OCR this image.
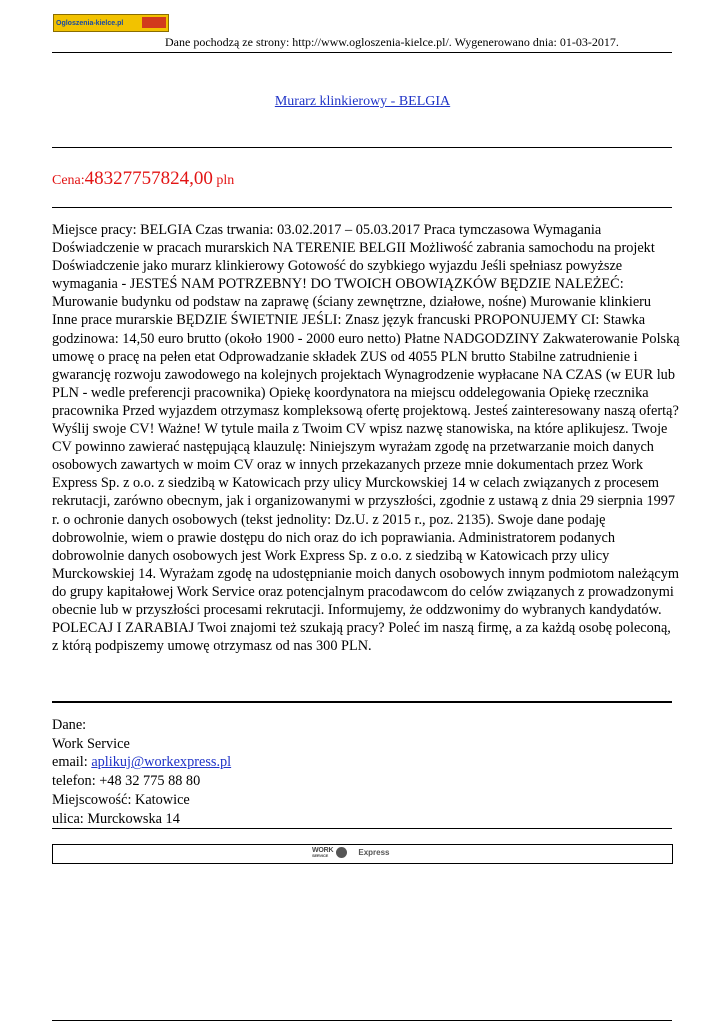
Ogloszenia-kielce.pl
Dane pochodzą ze strony: http://www.ogloszenia-kielce.pl/. Wygenerowano dnia: 01-03-2017.
Murarz klinkierowy - BELGIA
Cena:48327757824,00 pln
Miejsce pracy: BELGIA Czas trwania: 03.02.2017 – 05.03.2017 Praca tymczasowa Wymagania Doświadczenie w pracach murarskich NA TERENIE BELGII Możliwość zabrania samochodu na projekt Doświadczenie jako murarz klinkierowy Gotowość do szybkiego wyjazdu Jeśli spełniasz powyższe wymagania - JESTEŚ NAM POTRZEBNY! DO TWOICH OBOWIĄZKÓW BĘDZIE NALEŻEĆ: Murowanie budynku od podstaw na zaprawę (ściany zewnętrzne, działowe, nośne) Murowanie klinkieru Inne prace murarskie BĘDZIE ŚWIETNIE JEŚLI: Znasz język francuski PROPONUJEMY CI: Stawka godzinowa: 14,50 euro brutto (około 1900 - 2000 euro netto) Płatne NADGODZINY Zakwaterowanie Polską umowę o pracę na pełen etat Odprowadzanie składek ZUS od 4055 PLN brutto Stabilne zatrudnienie i gwarancję rozwoju zawodowego na kolejnych projektach Wynagrodzenie wypłacane NA CZAS (w EUR lub PLN - wedle preferencji pracownika) Opiekę koordynatora na miejscu oddelegowania Opiekę rzecznika pracownika Przed wyjazdem otrzymasz kompleksową ofertę projektową. Jesteś zainteresowany naszą ofertą? Wyślij swoje CV! Ważne! W tytule maila z Twoim CV wpisz nazwę stanowiska, na które aplikujesz. Twoje CV powinno zawierać następującą klauzulę: Niniejszym wyrażam zgodę na przetwarzanie moich danych osobowych zawartych w moim CV oraz w innych przekazanych przeze mnie dokumentach przez Work Express Sp. z o.o. z siedzibą w Katowicach przy ulicy Murckowskiej 14 w celach związanych z procesem rekrutacji, zarówno obecnym, jak i organizowanymi w przyszłości, zgodnie z ustawą z dnia 29 sierpnia 1997 r. o ochronie danych osobowych (tekst jednolity: Dz.U. z 2015 r., poz. 2135). Swoje dane podaję dobrowolnie, wiem o prawie dostępu do nich oraz do ich poprawiania. Administratorem podanych dobrowolnie danych osobowych jest Work Express Sp. z o.o. z siedzibą w Katowicach przy ulicy Murckowskiej 14. Wyrażam zgodę na udostępnianie moich danych osobowych innym podmiotom należącym do grupy kapitałowej Work Service oraz potencjalnym pracodawcom do celów związanych z prowadzonymi obecnie lub w przyszłości procesami rekrutacji. Informujemy, że oddzwonimy do wybranych kandydatów. POLECAJ I ZARABIAJ Twoi znajomi też szukają pracy? Poleć im naszą firmę, a za każdą osobę poleconą, z którą podpiszemy umowę otrzymasz od nas 300 PLN.
Dane:
Work Service
email: aplikuj@workexpress.pl
telefon: +48 32 775 88 80
Miejscowość: Katowice
ulica: Murckowska 14
WORK
SERVICE	Express
